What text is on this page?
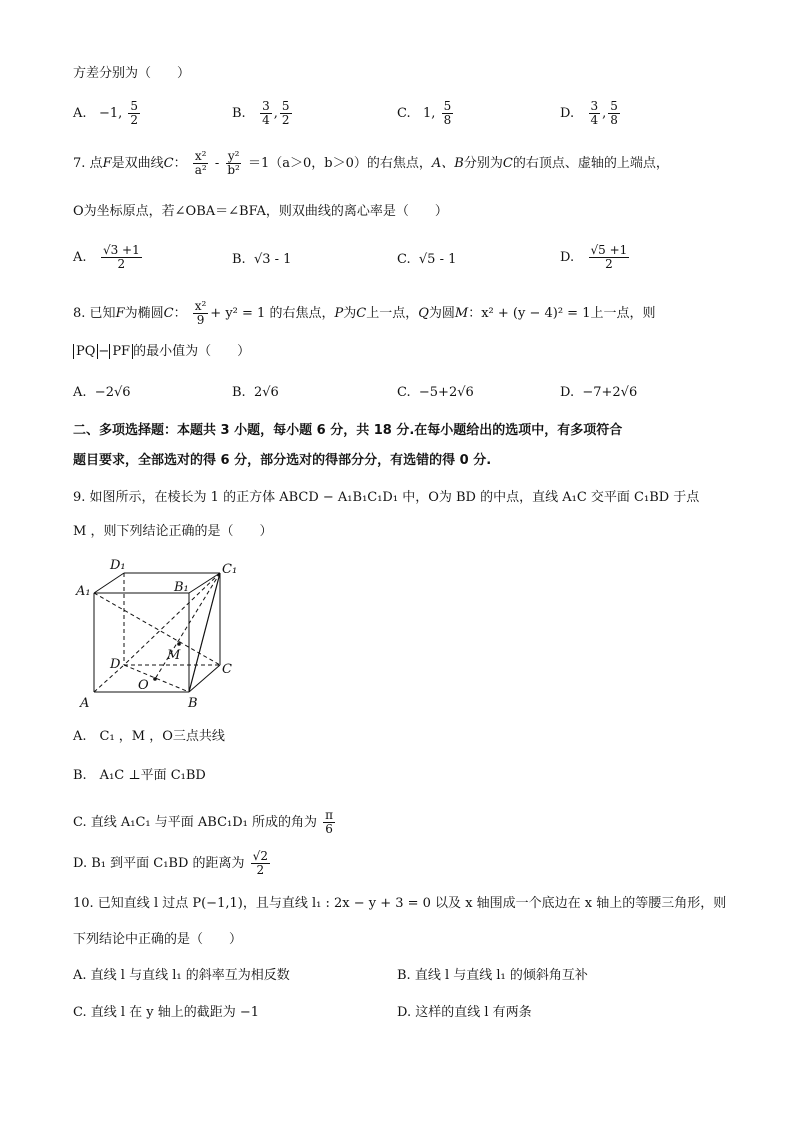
方差分别为（　　）
A. −1, $\frac{5}{2}$	B. $\frac{3}{4}$ , $\frac{5}{2}$	C. 1, $\frac{5}{8}$	D. $\frac{3}{4}$ , $\frac{5}{8}$
7. 点F是双曲线C： $\frac{\text{x²}}{\text{a²}} - \frac{\text{y²}}{\text{b²}} =1(a>0$，b＞0）的右焦点，A、B分别为C的右顶点、虚轴的上端点，
O为坐标原点，若∠OBA＝∠BFA，则双曲线的离心率是（　　）
A. $\frac{√3 +1}{2}$	B. √3 - 1	C. √5 - 1	D. $\frac{√5 +1}{2}$
8. 已知F为椭圆C： $\frac{\text{x²}}{9} + y^2 = 1$ 的右焦点，P为C上一点，Q为圆M：x² + (y − 4)² = 1上一点，则
PQ − PF 的最小值为（　　）
A. −2√6	B. 2√6	C. −5+2√6	D. −7+2√6
二、多项选择题：本题共 3 小题，每小题 6 分，共 18 分.在每小题给出的选项中，有多项符合
题目要求，全部选对的得 6 分，部分选对的得部分分，有选错的得 0 分.
9. 如图所示，在棱长为 1 的正方体 ABCD − A₁B₁C₁D₁ 中，O为 BD 的中点，直线 A₁C 交平面 C₁BD 于点
M ，则下列结论正确的是（　　）
D₁	C₁
A₁	B₁
M
D	C
O
A	B
A.　C₁ ，M ，O三点共线
B.　A₁C ⊥平面 C₁BD
C. 直线 A₁C₁ 与平面 ABC₁D₁ 所成的角为 $\frac{\pi}{6}$
D. B₁ 到平面 C₁BD 的距离为 $\frac{√2}{2}$
10. 已知直线 l 过点 P(−1,1)，且与直线 l₁ : 2x − y + 3 = 0 以及 x 轴围成一个底边在 x 轴上的等腰三角形，则
下列结论中正确的是（　　）
A. 直线 l 与直线 l₁ 的斜率互为相反数	B. 直线 l 与直线 l₁ 的倾斜角互补
C. 直线 l 在 y 轴上的截距为 −1	D. 这样的直线 l 有两条
